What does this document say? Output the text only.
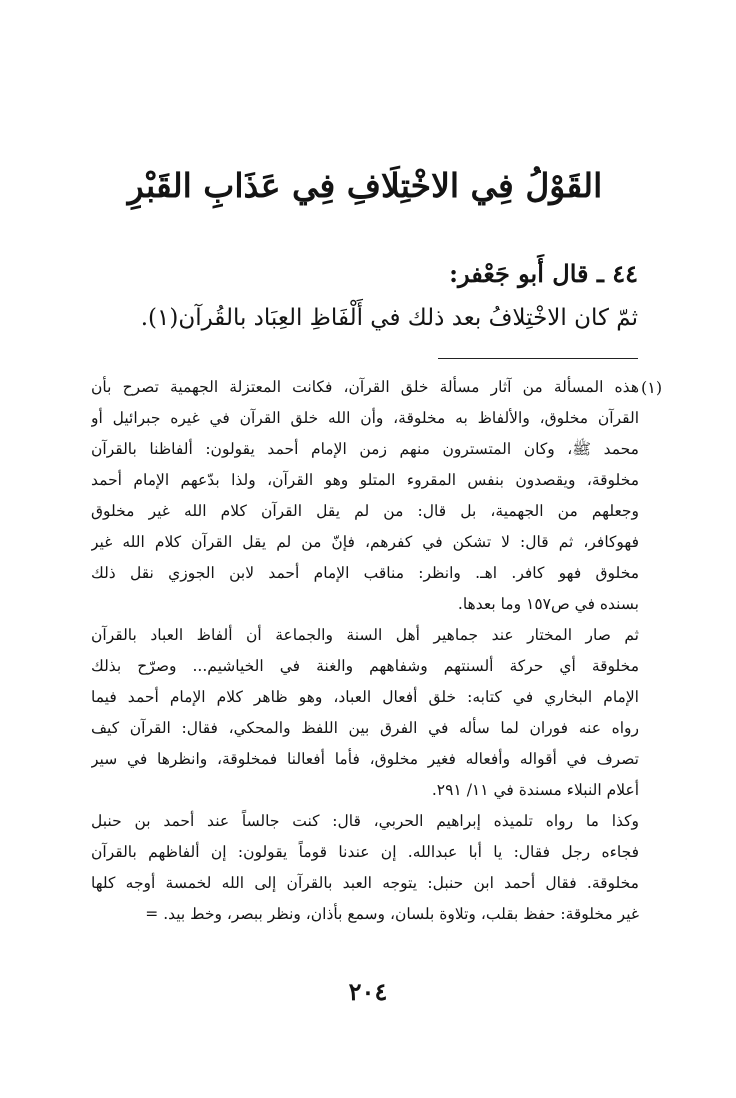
القَوْلُ فِي الاخْتِلَافِ فِي عَذَابِ القَبْرِ
٤٤ ـ قال أَبو جَعْفر:
ثمّ كان الاخْتِلافُ بعد ذلك في أَلْفَاظِ العِبَاد بالقُرآن(١).
(١)
هذه المسألة من آثار مسألة خلق القرآن، فكانت المعتزلة الجهمية تصرح بأن
القرآن مخلوق، والألفاظ به مخلوقة، وأن الله خلق القرآن في غيره جبرائيل أو
محمد ﷺ، وكان المتسترون منهم زمن الإمام أحمد يقولون: ألفاظنا بالقرآن
مخلوقة، ويقصدون بنفس المقروء المتلو وهو القرآن، ولذا بدّعهم الإمام أحمد
وجعلهم من الجهمية، بل قال: من لم يقل القرآن كلام الله غير مخلوق
فهوكافر، ثم قال: لا تشكن في كفرهم، فإنّ من لم يقل القرآن كلام الله غير
مخلوق فهو كافر. اهـ. وانظر: مناقب الإمام أحمد لابن الجوزي نقل ذلك
بسنده في ص١٥٧ وما بعدها.
ثم صار المختار عند جماهير أهل السنة والجماعة أن ألفاظ العباد بالقرآن
مخلوقة أي حركة ألسنتهم وشفاههم والغنة في الخياشيم... وصرّح بذلك
الإمام البخاري في كتابه: خلق أفعال العباد، وهو ظاهر كلام الإمام أحمد فيما
رواه عنه فوران لما سأله في الفرق بين اللفظ والمحكي، فقال: القرآن كيف
تصرف في أقواله وأفعاله فغير مخلوق، فأما أفعالنا فمخلوقة، وانظرها في سير
أعلام النبلاء مسندة في ١١/ ٢٩١.
وكذا ما رواه تلميذه إبراهيم الحربي، قال: كنت جالساً عند أحمد بن حنبل
فجاءه رجل فقال: يا أبا عبدالله. إن عندنا قوماً يقولون: إن ألفاظهم بالقرآن
مخلوقة. فقال أحمد ابن حنبل: يتوجه العبد بالقرآن إلى الله لخمسة أوجه كلها
غير مخلوقة: حفظ بقلب، وتلاوة بلسان، وسمع بأذان، ونظر ببصر، وخط بيد. =
٢٠٤
